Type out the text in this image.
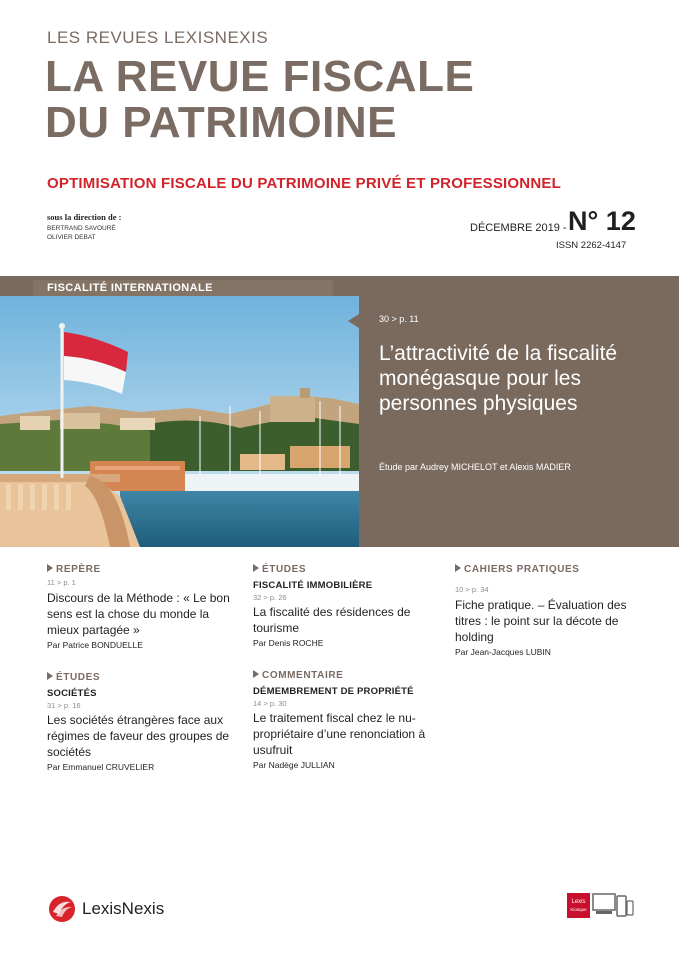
LES REVUES LEXISNEXIS
LA REVUE FISCALE
DU PATRIMOINE
OPTIMISATION FISCALE DU PATRIMOINE PRIVÉ ET PROFESSIONNEL
sous la direction de :
BERTRAND SAVOURÉ
OLIVIER DEBAT
DÉCEMBRE 2019 - N° 12
ISSN 2262-4147
FISCALITÉ INTERNATIONALE
30 > p. 11
L’attractivité de la fiscalité monégasque pour les personnes physiques
Étude par Audrey MICHELOT et Alexis MADIER
REPÈRE
11 > p. 1
Discours de la Méthode : « Le bon sens est la chose du monde la mieux partagée »
Par Patrice BONDUELLE
ÉTUDES
SOCIÉTÉS
31 > p. 16
Les sociétés étrangères face aux régimes de faveur des groupes de sociétés
Par Emmanuel CRUVELIER
ÉTUDES
FISCALITÉ IMMOBILIÈRE
32 > p. 26
La fiscalité des résidences de tourisme
Par Denis ROCHE
COMMENTAIRE
DÉMEMBREMENT DE PROPRIÉTÉ
14 > p. 30
Le traitement fiscal chez le nu-propriétaire d’une renonciation à usufruit
Par Nadège JULLIAN
CAHIERS PRATIQUES
10 > p. 34
Fiche pratique. – Évaluation des titres : le point sur la décote de holding
Par Jean-Jacques LUBIN
LexisNexis	Lexis
Kiosque
